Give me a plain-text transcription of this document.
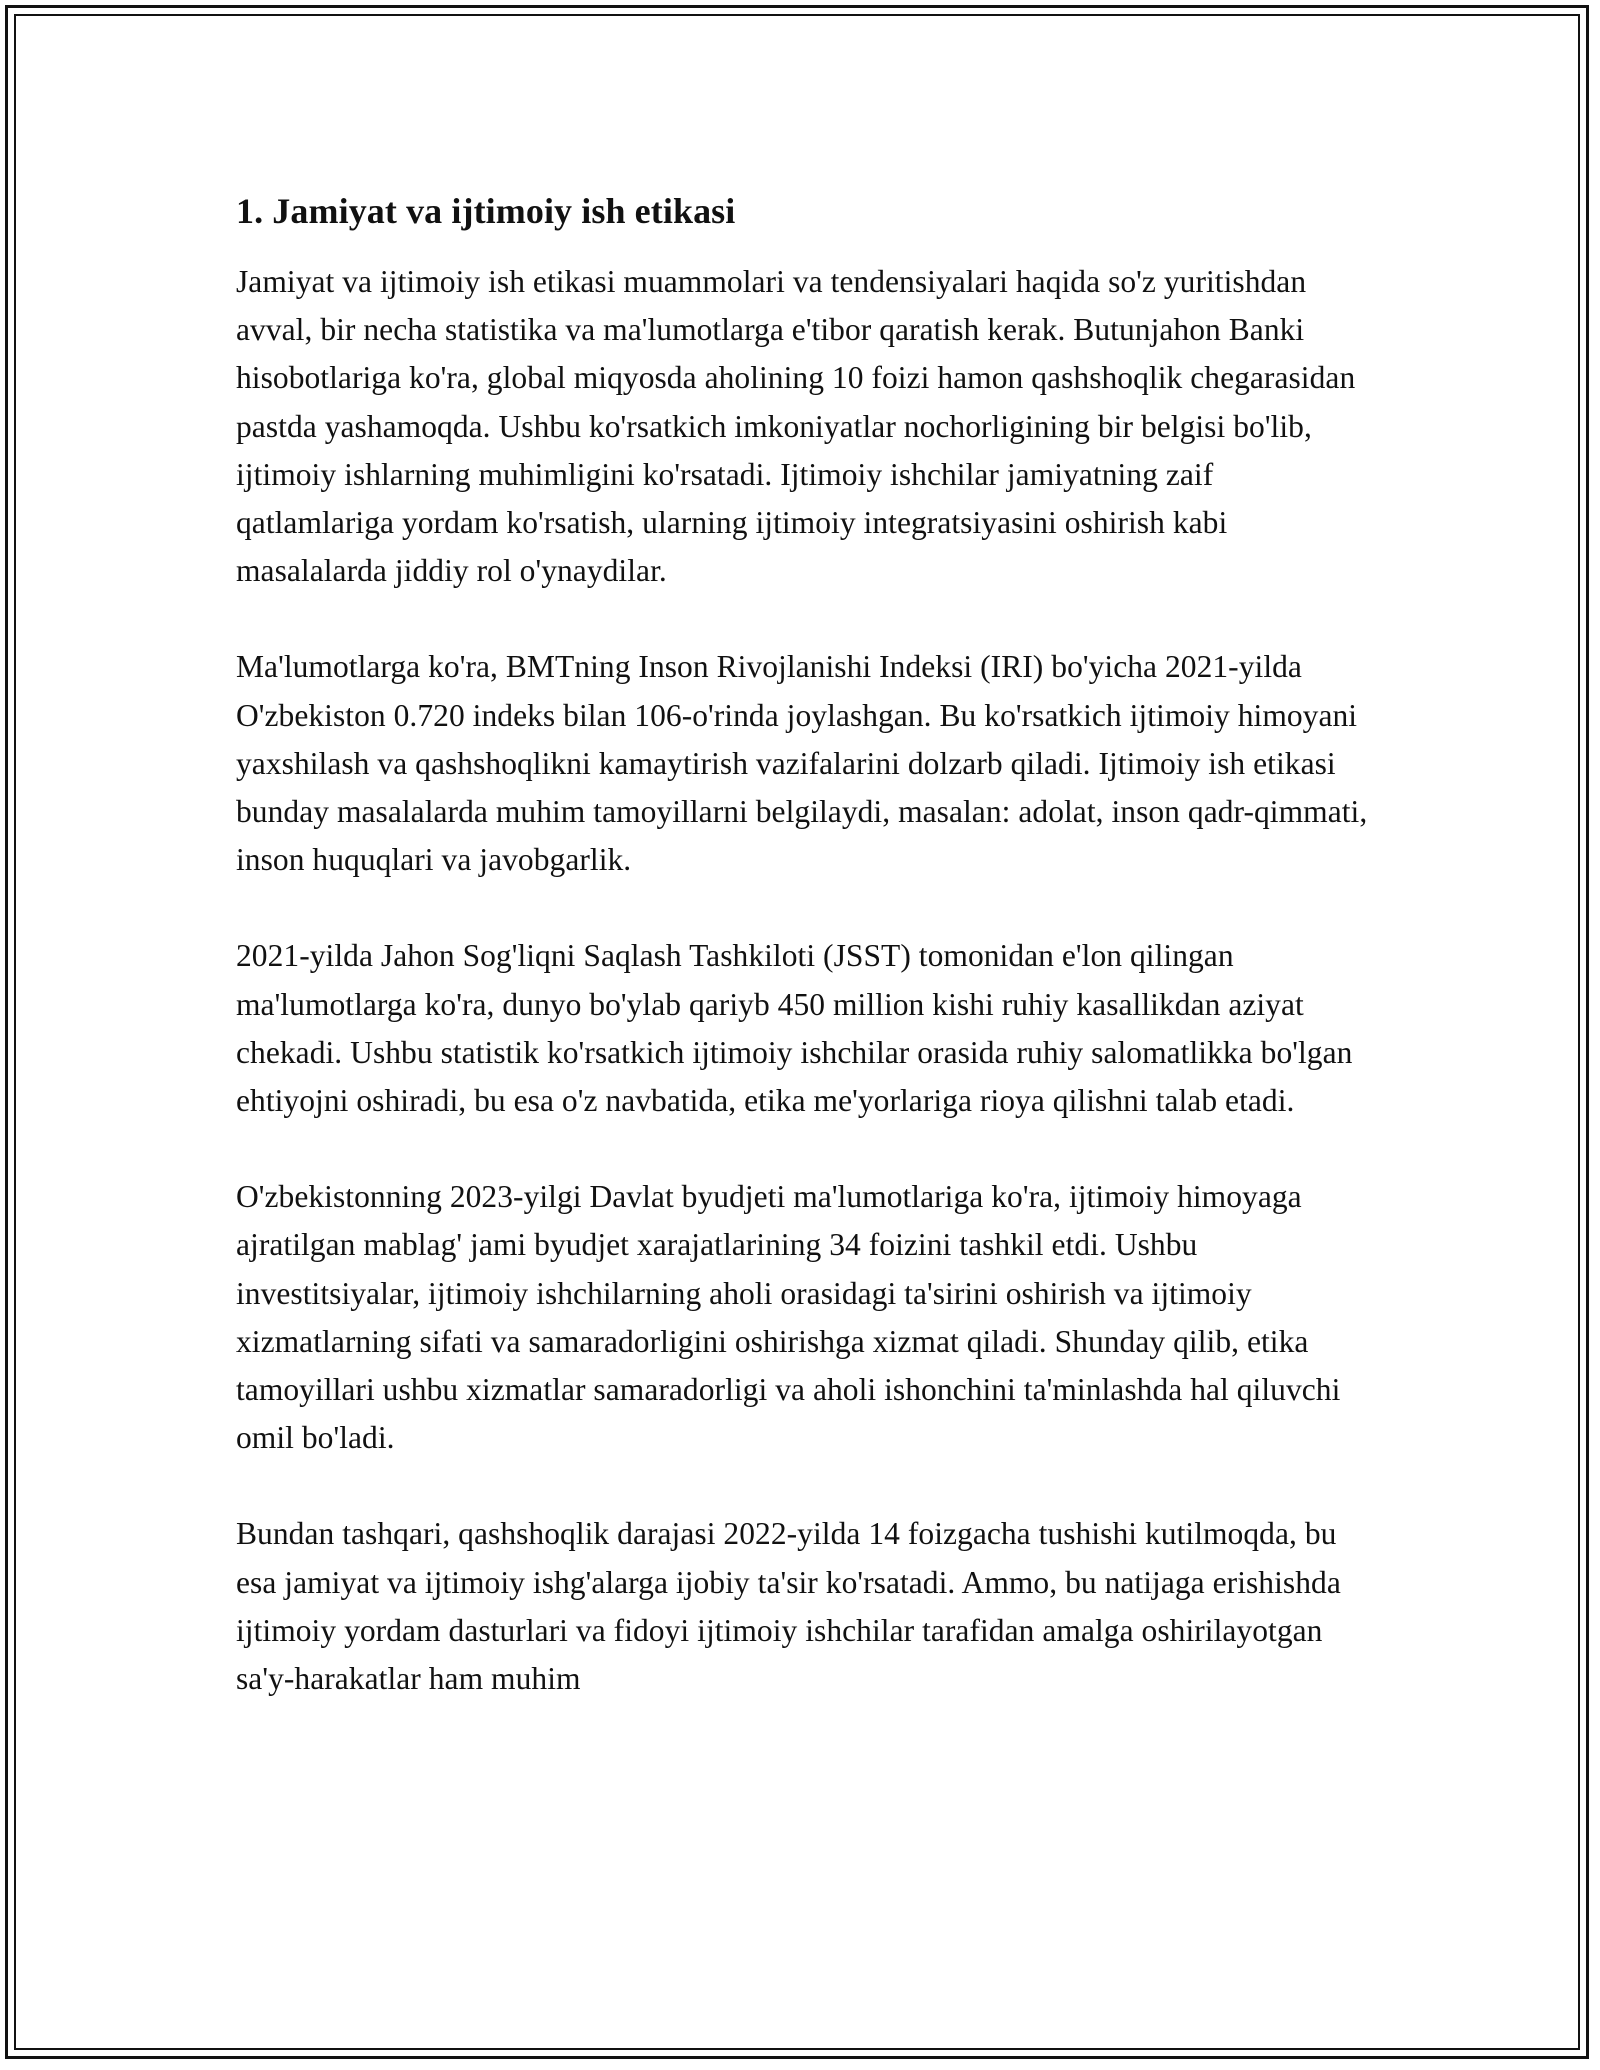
1. Jamiyat va ijtimoiy ish etikasi

Jamiyat va ijtimoiy ish etikasi muammolari va tendensiyalari haqida so'z yuritishdan avval, bir necha statistika va ma'lumotlarga e'tibor qaratish kerak. Butunjahon Banki hisobotlariga ko'ra, global miqyosda aholining 10 foizi hamon qashshoqlik chegarasidan pastda yashamoqda. Ushbu ko'rsatkich imkoniyatlar nochorligining bir belgisi bo'lib, ijtimoiy ishlarning muhimligini ko'rsatadi. Ijtimoiy ishchilar jamiyatning zaif qatlamlariga yordam ko'rsatish, ularning ijtimoiy integratsiyasini oshirish kabi masalalarda jiddiy rol o'ynaydilar.

Ma'lumotlarga ko'ra, BMTning Inson Rivojlanishi Indeksi (IRI) bo'yicha 2021-yilda O'zbekiston 0.720 indeks bilan 106-o'rinda joylashgan. Bu ko'rsatkich ijtimoiy himoyani yaxshilash va qashshoqlikni kamaytirish vazifalarini dolzarb qiladi. Ijtimoiy ish etikasi bunday masalalarda muhim tamoyillarni belgilaydi, masalan: adolat, inson qadr-qimmati, inson huquqlari va javobgarlik.

2021-yilda Jahon Sog'liqni Saqlash Tashkiloti (JSST) tomonidan e'lon qilingan ma'lumotlarga ko'ra, dunyo bo'ylab qariyb 450 million kishi ruhiy kasallikdan aziyat chekadi. Ushbu statistik ko'rsatkich ijtimoiy ishchilar orasida ruhiy salomatlikka bo'lgan ehtiyojni oshiradi, bu esa o'z navbatida, etika me'yorlariga rioya qilishni talab etadi.

O'zbekistonning 2023-yilgi Davlat byudjeti ma'lumotlariga ko'ra, ijtimoiy himoyaga ajratilgan mablag' jami byudjet xarajatlarining 34 foizini tashkil etdi. Ushbu investitsiyalar, ijtimoiy ishchilarning aholi orasidagi ta'sirini oshirish va ijtimoiy xizmatlarning sifati va samaradorligini oshirishga xizmat qiladi. Shunday qilib, etika tamoyillari ushbu xizmatlar samaradorligi va aholi ishonchini ta'minlashda hal qiluvchi omil bo'ladi.

Bundan tashqari, qashshoqlik darajasi 2022-yilda 14 foizgacha tushishi kutilmoqda, bu esa jamiyat va ijtimoiy ishg'alarga ijobiy ta'sir ko'rsatadi. Ammo, bu natijaga erishishda ijtimoiy yordam dasturlari va fidoyi ijtimoiy ishchilar tarafidan amalga oshirilayotgan sa'y-harakatlar ham muhim
